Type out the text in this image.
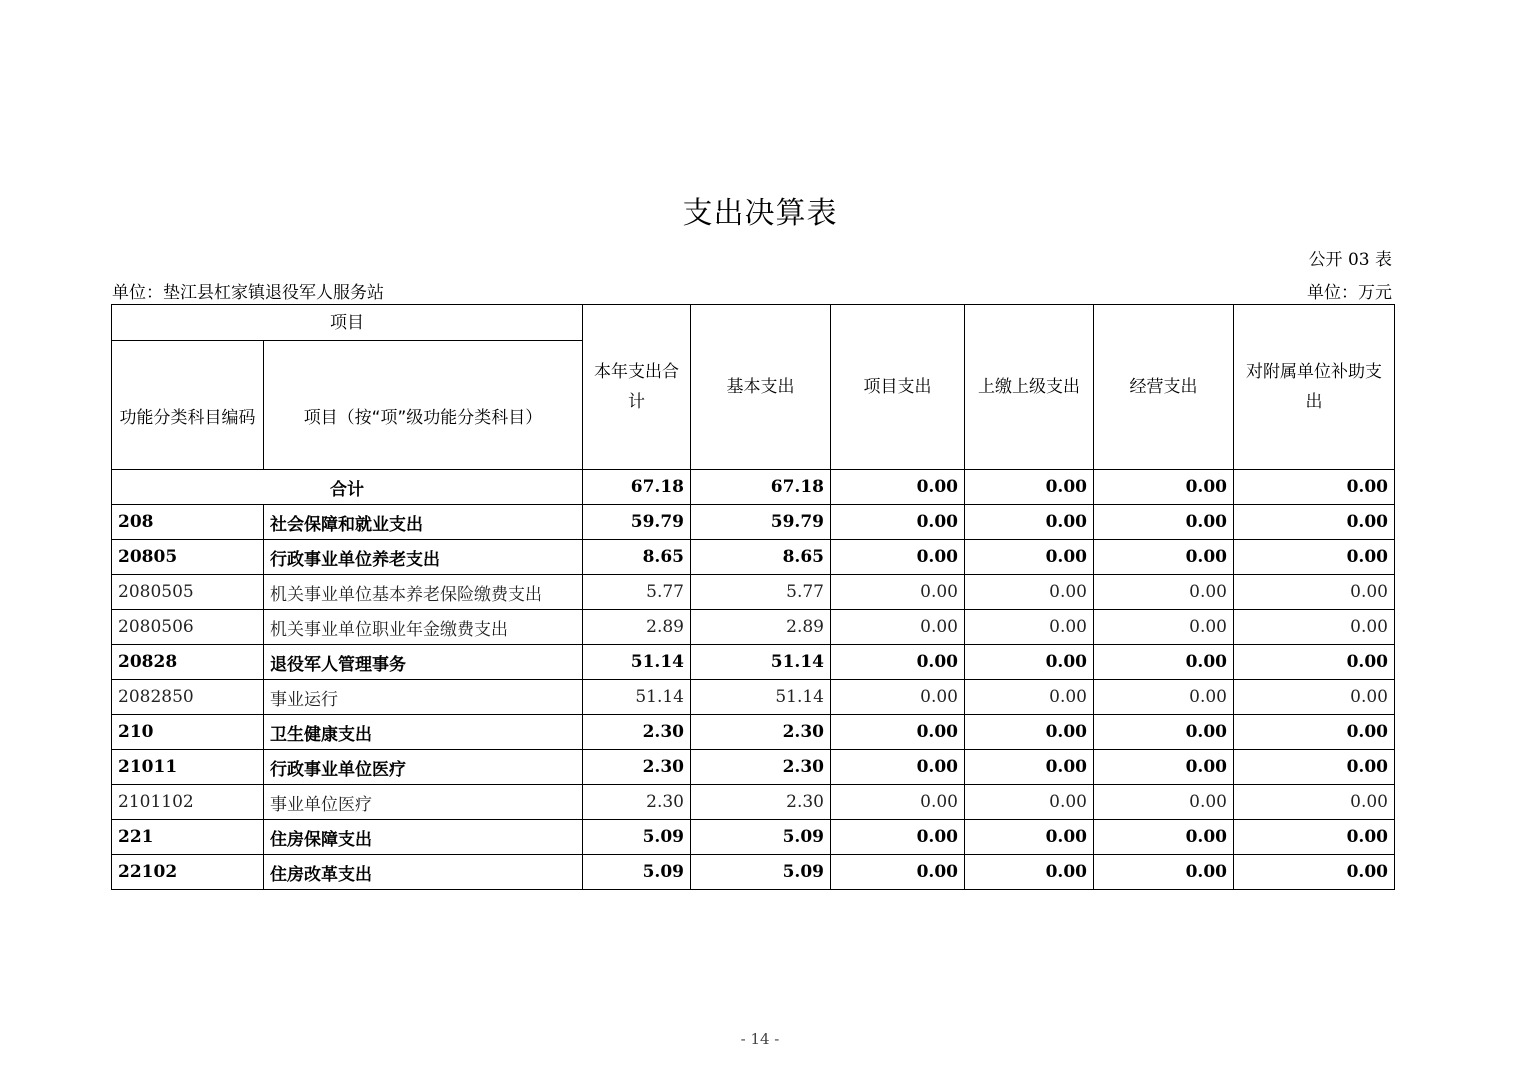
支出决算表
公开 03 表
单位：垫江县杠家镇退役军人服务站	单位：万元
项目		本年支出合计	基本支出	项目支出	上缴上级支出	经营支出	对附属单位补助支出
功能分类科目编码	项目（按“项”级功能分类科目）						
合计		67.18	67.18	0.00	0.00	0.00	0.00
208	社会保障和就业支出	59.79	59.79	0.00	0.00	0.00	0.00
20805	行政事业单位养老支出	8.65	8.65	0.00	0.00	0.00	0.00
2080505	机关事业单位基本养老保险缴费支出	5.77	5.77	0.00	0.00	0.00	0.00
2080506	机关事业单位职业年金缴费支出	2.89	2.89	0.00	0.00	0.00	0.00
20828	退役军人管理事务	51.14	51.14	0.00	0.00	0.00	0.00
2082850	事业运行	51.14	51.14	0.00	0.00	0.00	0.00
210	卫生健康支出	2.30	2.30	0.00	0.00	0.00	0.00
21011	行政事业单位医疗	2.30	2.30	0.00	0.00	0.00	0.00
2101102	事业单位医疗	2.30	2.30	0.00	0.00	0.00	0.00
221	住房保障支出	5.09	5.09	0.00	0.00	0.00	0.00
22102	住房改革支出	5.09	5.09	0.00	0.00	0.00	0.00
- 14 -
